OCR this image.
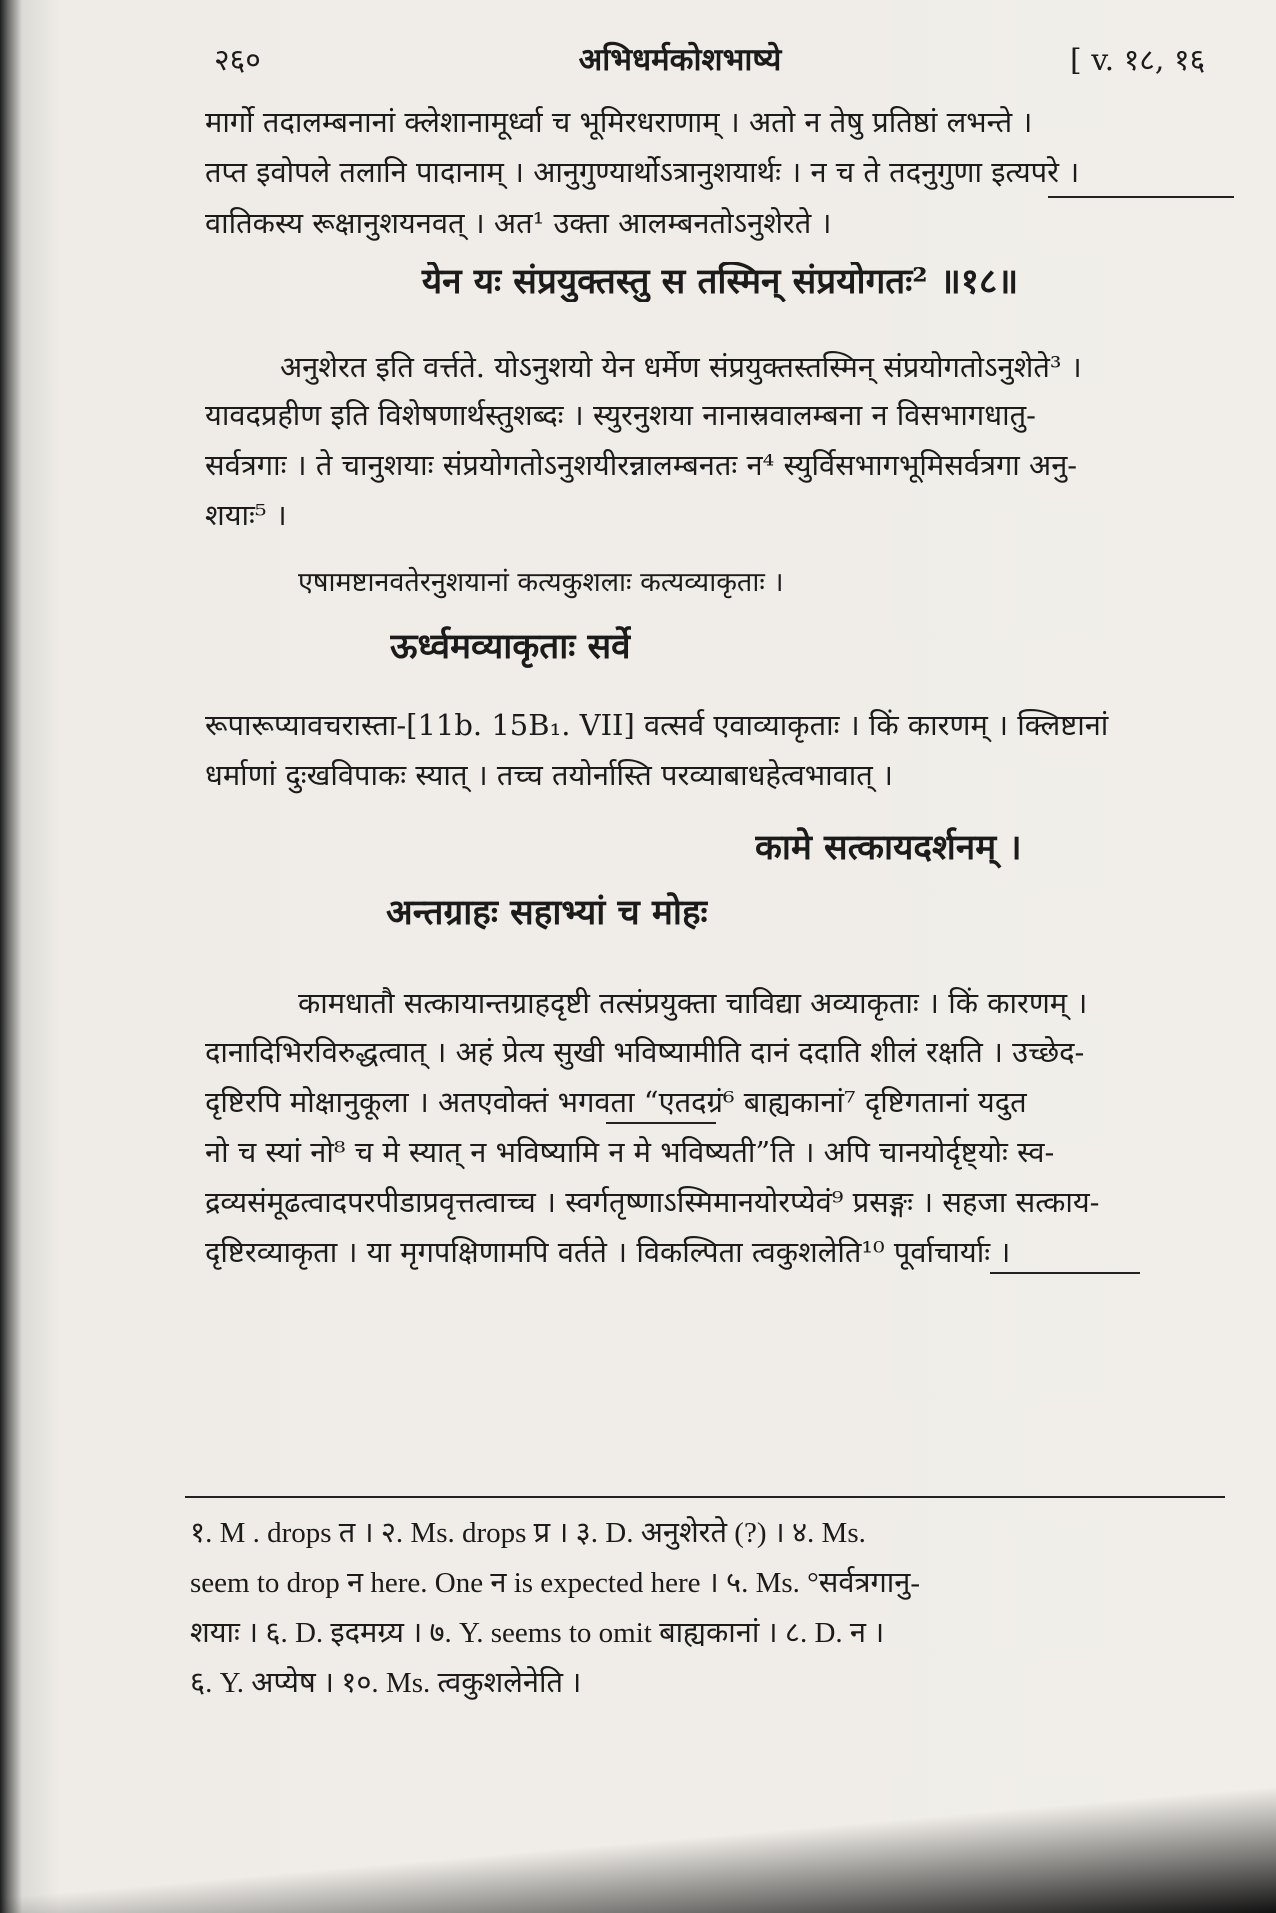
२६०	अभिधर्मकोशभाष्ये	[ v. १८, १६
मार्गो तदालम्बनानां क्लेशानामूर्ध्वा च भूमिरधराणाम् । अतो न तेषु प्रतिष्ठां लभन्ते ।
तप्त इवोपले तलानि पादानाम् । आनुगुण्यार्थोऽत्रानुशयार्थः । न च ते तदनुगुणा इत्यपरे ।
वातिकस्य रूक्षानुशयनवत् । अत¹ उक्ता आलम्बनतोऽनुशेरते ।
येन यः संप्रयुक्तस्तु स तस्मिन् संप्रयोगतः² ॥१८॥
अनुशेरत इति वर्त्तते. योऽनुशयो येन धर्मेण संप्रयुक्तस्तस्मिन् संप्रयोगतोऽनुशेते³ ।
यावदप्रहीण इति विशेषणार्थस्तुशब्दः । स्युरनुशया नानास्रवालम्बना न विसभागधातु-
सर्वत्रगाः । ते चानुशयाः संप्रयोगतोऽनुशयीरन्नालम्बनतः न⁴ स्युर्विसभागभूमिसर्वत्रगा अनु-
शयाः⁵ ।
एषामष्टानवतेरनुशयानां कत्यकुशलाः कत्यव्याकृताः ।
ऊर्ध्वमव्याकृताः सर्वे
रूपारूप्यावचरास्ता-[11b. 15B₁. VII] वत्सर्व एवाव्याकृताः । किं कारणम् । क्लिष्टानां
धर्माणां दुःखविपाकः स्यात् । तच्च तयोर्नास्ति परव्याबाधहेत्वभावात् ।
कामे सत्कायदर्शनम् ।
अन्तग्राहः सहाभ्यां च मोहः
कामधातौ सत्कायान्तग्राहदृष्टी तत्संप्रयुक्ता चाविद्या अव्याकृताः । किं कारणम् ।
दानादिभिरविरुद्धत्वात् । अहं प्रेत्य सुखी भविष्यामीति दानं ददाति शीलं रक्षति । उच्छेद-
दृष्टिरपि मोक्षानुकूला । अतएवोक्तं भगवता “एतदग्रं⁶ बाह्यकानां⁷ दृष्टिगतानां यदुत
नो च स्यां नो⁸ च मे स्यात् न भविष्यामि न मे भविष्यती”ति । अपि चानयोर्दृष्ट्योः स्व-
द्रव्यसंमूढत्वादपरपीडाप्रवृत्तत्वाच्च । स्वर्गतृष्णाऽस्मिमानयोरप्येवं⁹ प्रसङ्गः । सहजा सत्काय-
दृष्टिरव्याकृता । या मृगपक्षिणामपि वर्तते । विकल्पिता त्वकुशलेति¹⁰ पूर्वाचार्याः ।
१. M . drops त । २. Ms. drops प्र । ३. D. अनुशेरते (?) । ४. Ms.
seem to drop न here. One न is expected here । ५. Ms. °सर्वत्रगानु-
शयाः । ६. D. इदमग्र्य । ७. Y. seems to omit बाह्यकानां । ८. D. न ।
६. Y. अप्येष । १०. Ms. त्वकुशलेनेति ।
